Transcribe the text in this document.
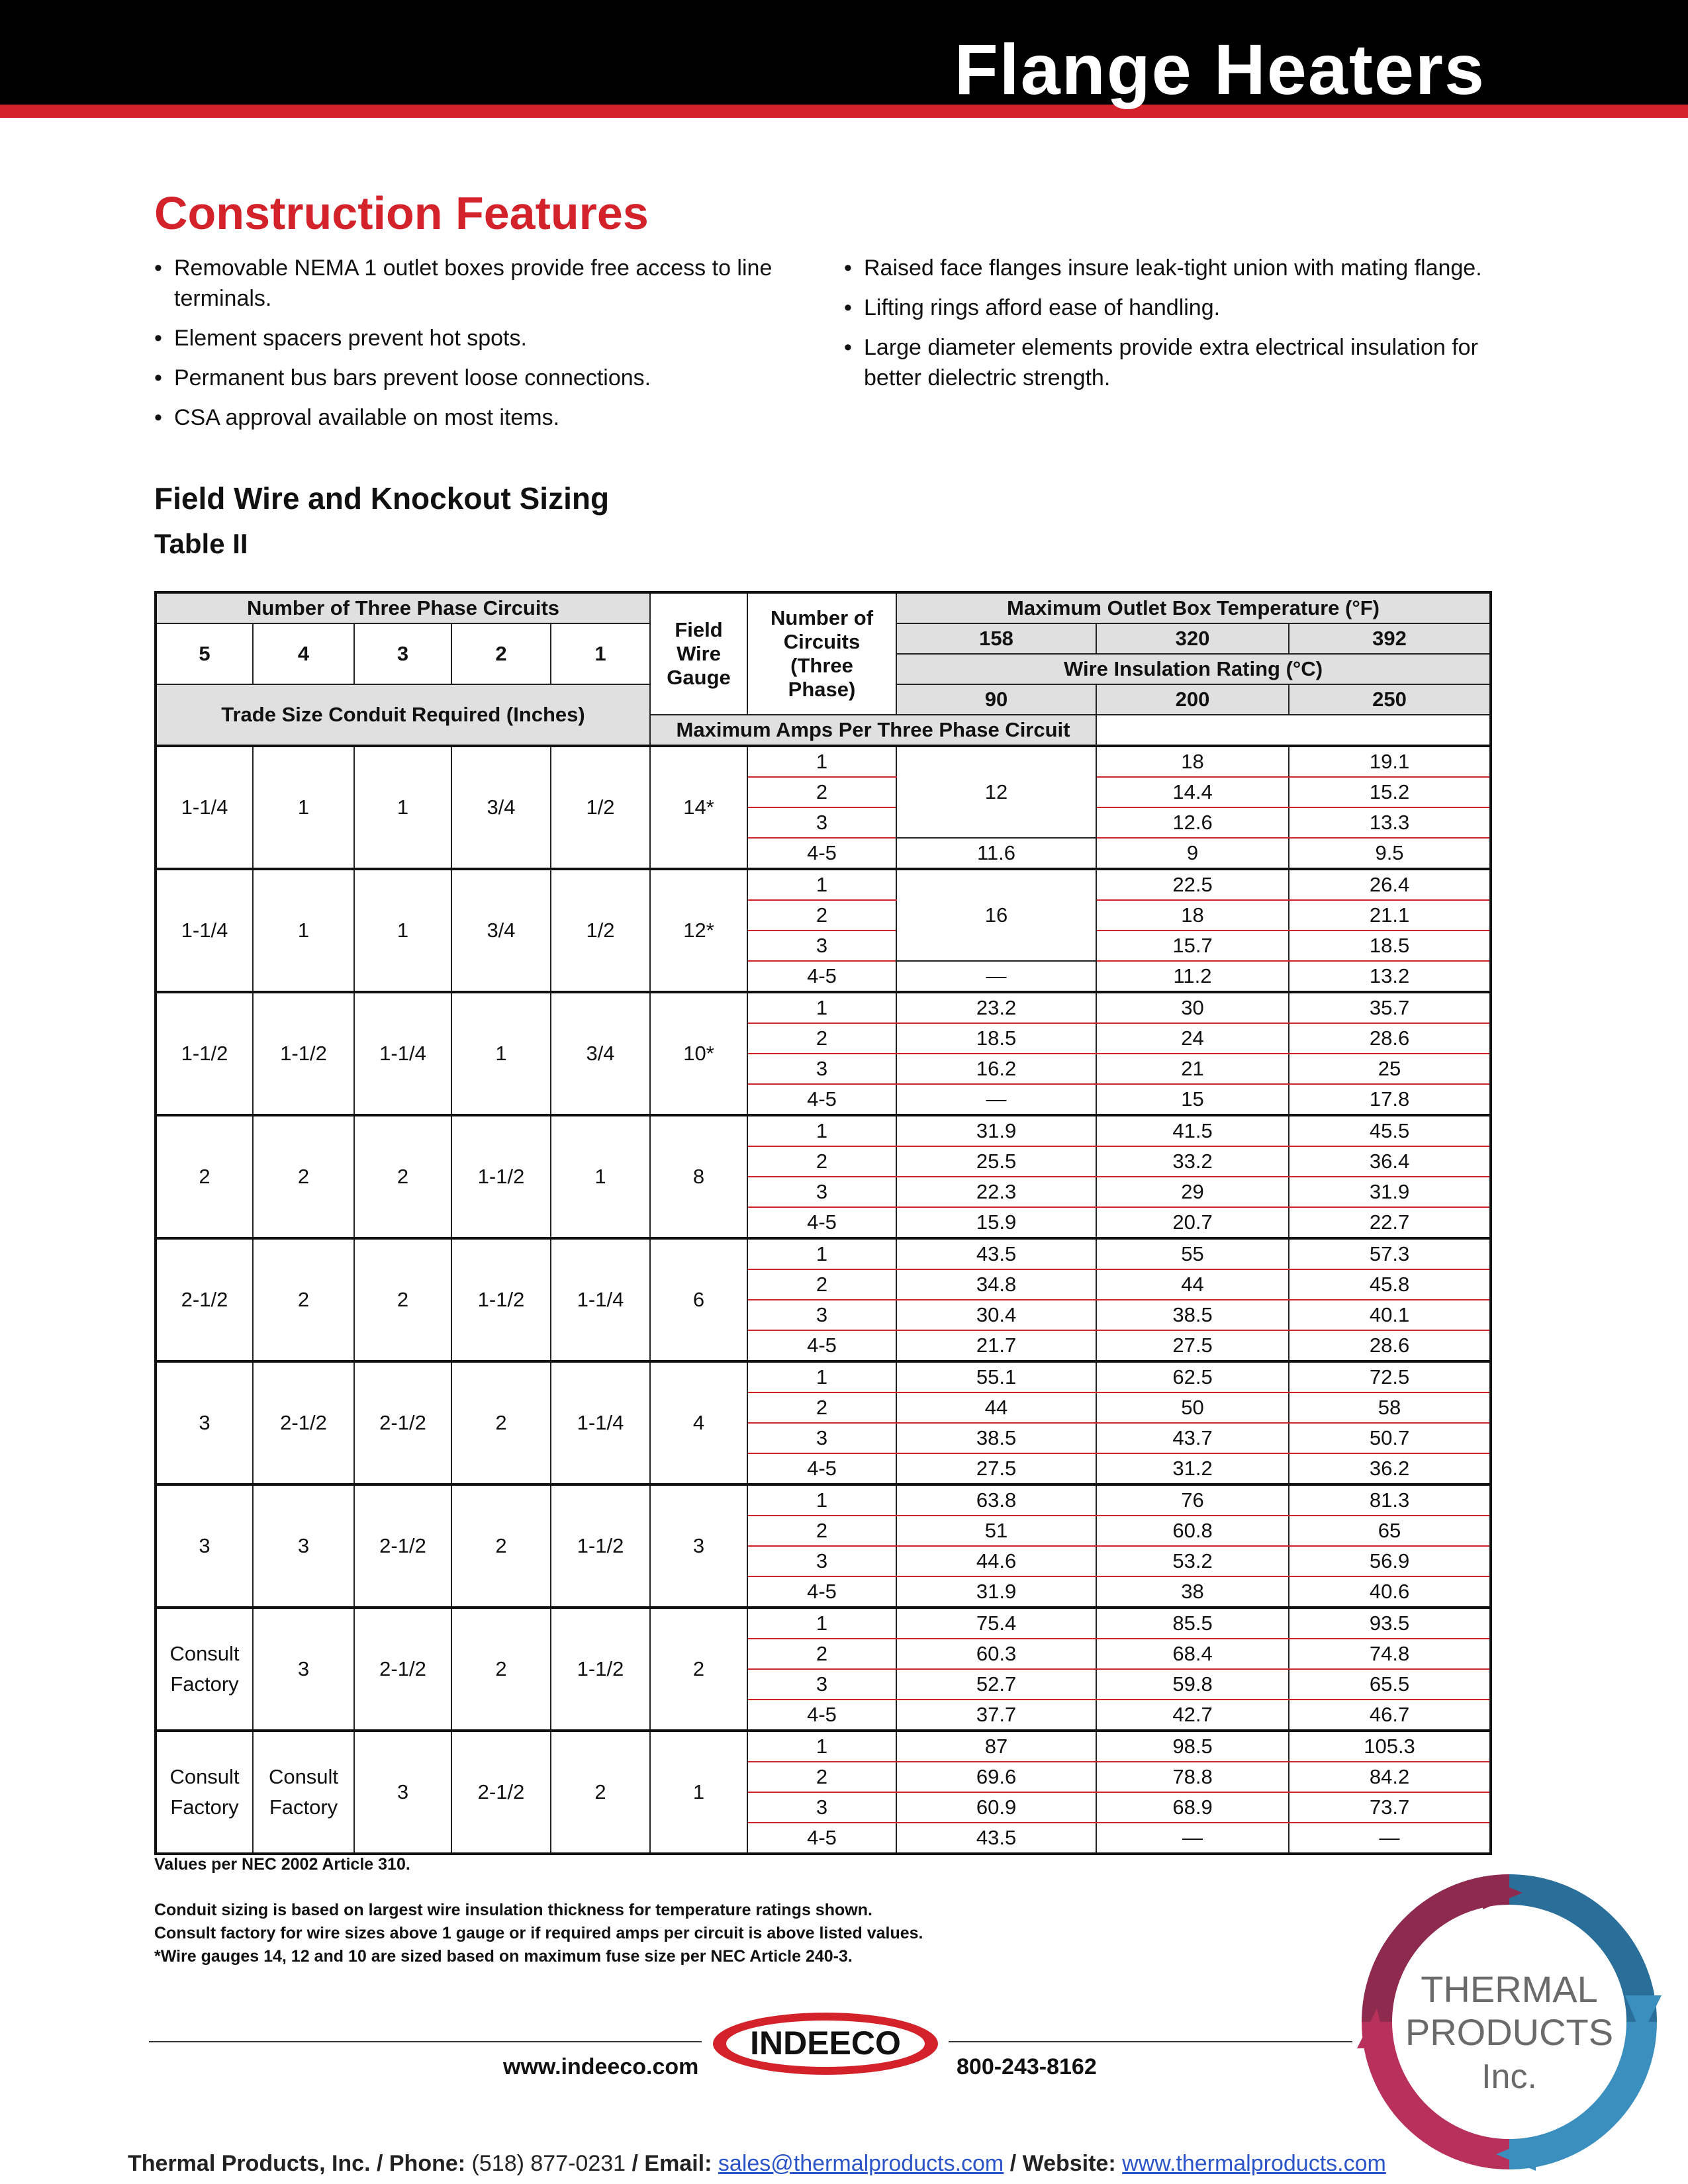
Flange Heaters
Construction Features
• Removable NEMA 1 outlet boxes provide free access to line terminals.
• Element spacers prevent hot spots.
• Permanent bus bars prevent loose connections.
• CSA approval available on most items.
• Raised face flanges insure leak-tight union with mating flange.
• Lifting rings afford ease of handling.
• Large diameter elements provide extra electrical insulation for better dielectric strength.
Field Wire and Knockout Sizing
Table II
Number of Three Phase Circuits					Field Wire Gauge	Number of Circuits (Three Phase)	Maximum Outlet Box Temperature (°F)		
5	4	3	2	1			158	320	392
							Wire Insulation Rating (°C)		
Trade Size Conduit Required (Inches)							90	200	250
					Maximum Amps Per Three Phase Circuit				
1-1/4	1	1	3/4	1/2	14*	1	12	18	19.1
						2		14.4	15.2
						3		12.6	13.3
						4-5	11.6	9	9.5
1-1/4	1	1	3/4	1/2	12*	1	16	22.5	26.4
						2		18	21.1
						3		15.7	18.5
						4-5	—	11.2	13.2
1-1/2	1-1/2	1-1/4	1	3/4	10*	1	23.2	30	35.7
						2	18.5	24	28.6
						3	16.2	21	25
						4-5	—	15	17.8
2	2	2	1-1/2	1	8	1	31.9	41.5	45.5
						2	25.5	33.2	36.4
						3	22.3	29	31.9
						4-5	15.9	20.7	22.7
2-1/2	2	2	1-1/2	1-1/4	6	1	43.5	55	57.3
						2	34.8	44	45.8
						3	30.4	38.5	40.1
						4-5	21.7	27.5	28.6
3	2-1/2	2-1/2	2	1-1/4	4	1	55.1	62.5	72.5
						2	44	50	58
						3	38.5	43.7	50.7
						4-5	27.5	31.2	36.2
3	3	2-1/2	2	1-1/2	3	1	63.8	76	81.3
						2	51	60.8	65
						3	44.6	53.2	56.9
						4-5	31.9	38	40.6
Consult Factory	3	2-1/2	2	1-1/2	2	1	75.4	85.5	93.5
						2	60.3	68.4	74.8
						3	52.7	59.8	65.5
						4-5	37.7	42.7	46.7
Consult Factory	Consult Factory	3	2-1/2	2	1	1	87	98.5	105.3
						2	69.6	78.8	84.2
						3	60.9	68.9	73.7
						4-5	43.5	—	—
Values per NEC 2002 Article 310.
Conduit sizing is based on largest wire insulation thickness for temperature ratings shown.
Consult factory for wire sizes above 1 gauge or if required amps per circuit is above listed values.
*Wire gauges 14, 12 and 10 are sized based on maximum fuse size per NEC Article 240-3.
www.indeeco.com	800-243-8162
INDEECO
THERMAL
PRODUCTS
Inc.
Thermal Products, Inc. / Phone: (518) 877-0231 / Email: sales@thermalproducts.com / Website: www.thermalproducts.com
